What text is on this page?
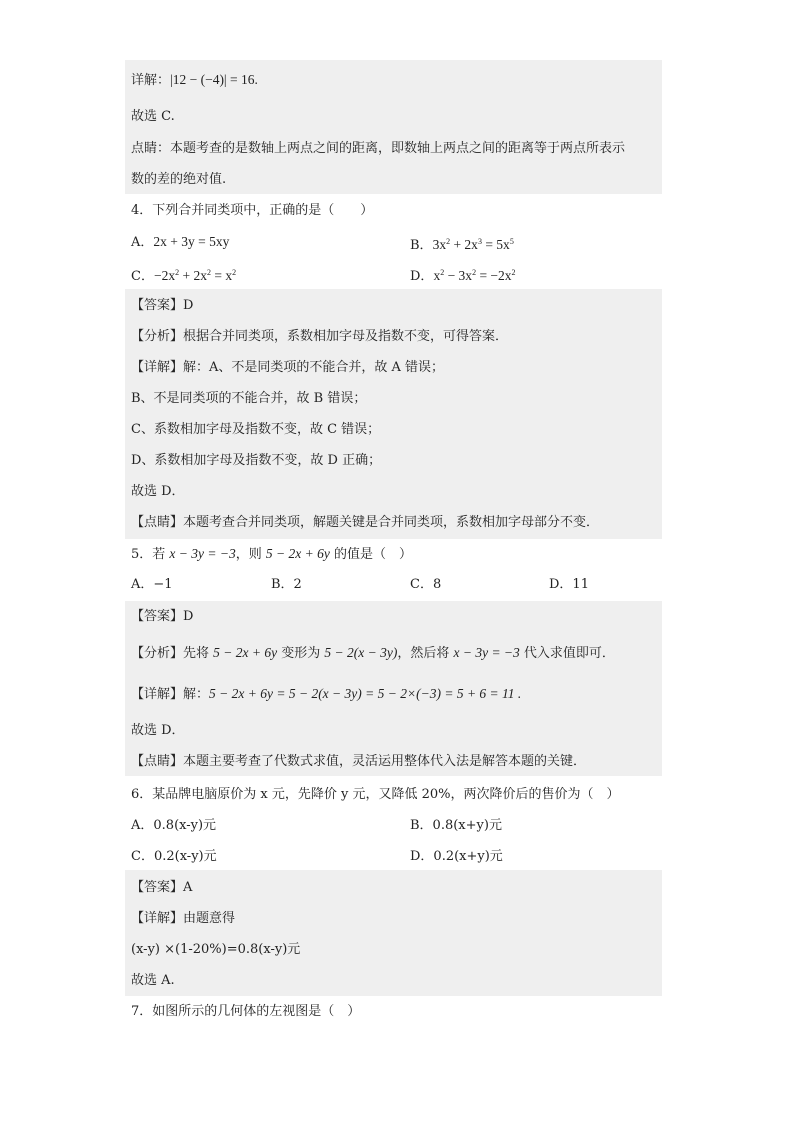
详解：|12 − (−4)| = 16.
故选 C.
点睛：本题考查的是数轴上两点之间的距离，即数轴上两点之间的距离等于两点所表示
数的差的绝对值.
4．下列合并同类项中，正确的是（　　）
A．2x + 3y = 5xy	B．$3x^2 + 2x^3 = 5x^5$
C．$-2x^2 + 2x^2 = x^2$	D．$x^2 - 3x^2 = -2x^2$
【答案】D
【分析】根据合并同类项，系数相加字母及指数不变，可得答案．
【详解】解：A、不是同类项的不能合并，故 A 错误；
B、不是同类项的不能合并，故 B 错误；
C、系数相加字母及指数不变，故 C 错误；
D、系数相加字母及指数不变，故 D 正确；
故选 D．
【点睛】本题考查合并同类项，解题关键是合并同类项，系数相加字母部分不变．
5．若 x − 3y = −3，则 5 − 2x + 6y 的值是（　）
A．−1	B．2	C．8	D．11
【答案】D
【分析】先将 5 − 2x + 6y 变形为 5 − 2(x − 3y)，然后将 x − 3y = −3 代入求值即可．
【详解】解：5 − 2x + 6y = 5 − 2(x − 3y) = 5 − 2×(−3) = 5 + 6 = 11 .
故选 D．
【点睛】本题主要考查了代数式求值，灵活运用整体代入法是解答本题的关键．
6．某品牌电脑原价为 x 元，先降价 y 元，又降低 20%，两次降价后的售价为（　）
A．0.8(x-y)元	B．0.8(x+y)元
C．0.2(x-y)元	D．0.2(x+y)元
【答案】A
【详解】由题意得
(x-y) ×(1-20%)=0.8(x-y)元
故选 A.
7．如图所示的几何体的左视图是（　）
